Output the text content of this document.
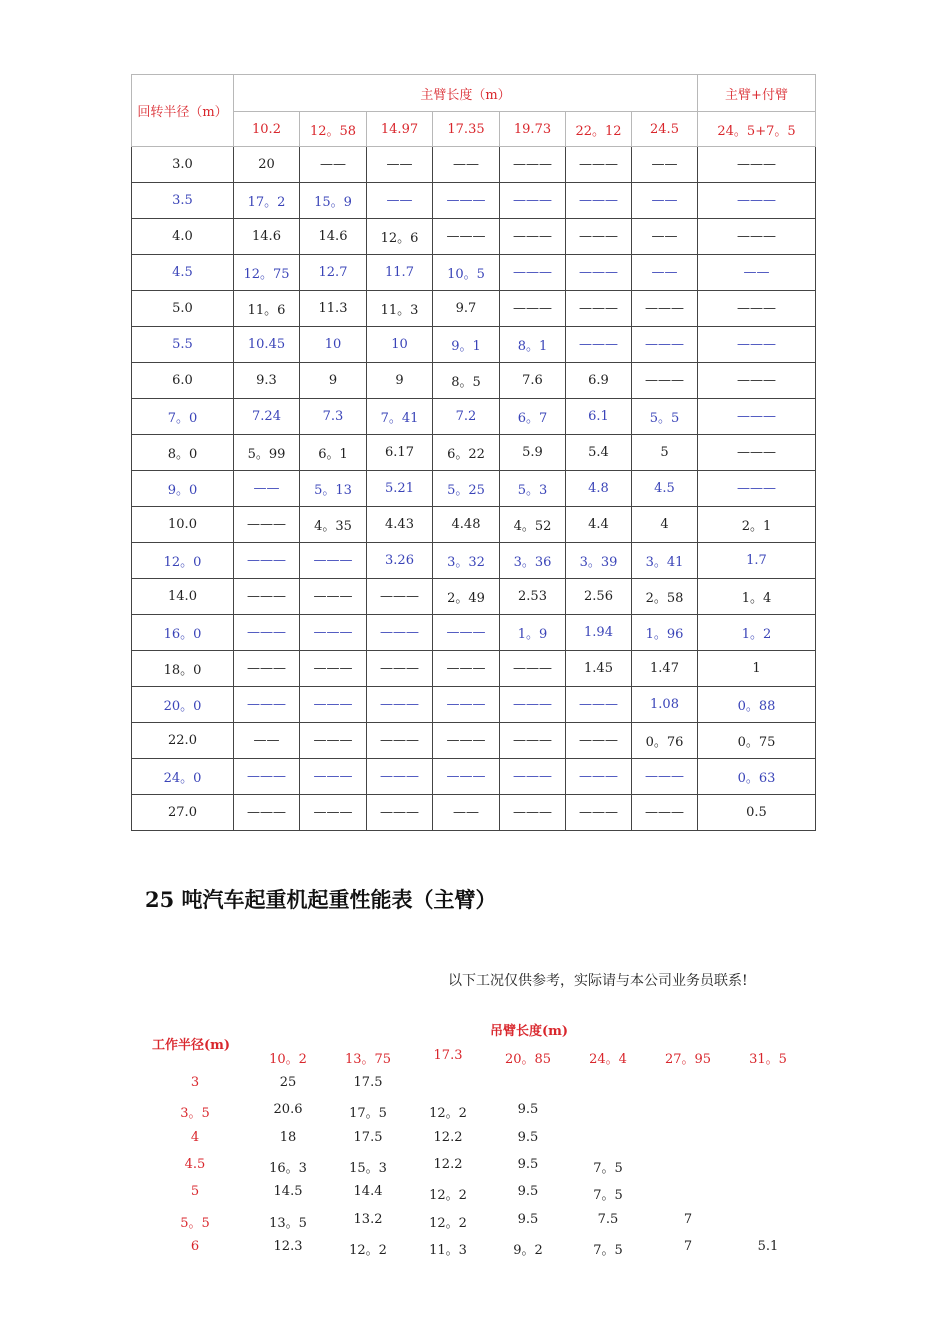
回转半径（m）	主臂长度（m）							主臂+付臂
	10.2	12。58	14.97	17.35	19.73	22。12	24.5	24。5+7。5
3.0	20	——	——	——	———	———	——	———
3.5	17。2	15。9	——	———	———	———	——	———
4.0	14.6	14.6	12。6	———	———	———	——	———
4.5	12。75	12.7	11.7	10。5	———	———	——	——
5.0	11。6	11.3	11。3	9.7	———	———	———	———
5.5	10.45	10	10	9。1	8。1	———	———	———
6.0	9.3	9	9	8。5	7.6	6.9	———	———
7。0	7.24	7.3	7。41	7.2	6。7	6.1	5。5	———
8。0	5。99	6。1	6.17	6。22	5.9	5.4	5	———
9。0	——	5。13	5.21	5。25	5。3	4.8	4.5	———
10.0	———	4。35	4.43	4.48	4。52	4.4	4	2。1
12。0	———	———	3.26	3。32	3。36	3。39	3。41	1.7
14.0	———	———	———	2。49	2.53	2.56	2。58	1。4
16。0	———	———	———	———	1。9	1.94	1。96	1。2
18。0	———	———	———	———	———	1.45	1.47	1
20。0	———	———	———	———	———	———	1.08	0。88
22.0	——	———	———	———	———	———	0。76	0。75
24。0	———	———	———	———	———	———	———	0。63
27.0	———	———	———	——	———	———	———	0.5
25 吨汽车起重机起重性能表（主臂）

以下工况仅供参考，实际请与本公司业务员联系!

工作半径(m)
吊臂长度(m)
10。2	13。75	17.3	20。85	24。4	27。95	31。5
3	25	17.5
3。5	20.6	17。5	12。2	9.5
4	18	17.5	12.2	9.5
4.5	16。3	15。3	12.2	9.5	7。5
5	14.5	14.4	12。2	9.5	7。5
5。5	13。5	13.2	12。2	9.5	7.5	7
6	12.3	12。2	11。3	9。2	7。5	7	5.1
